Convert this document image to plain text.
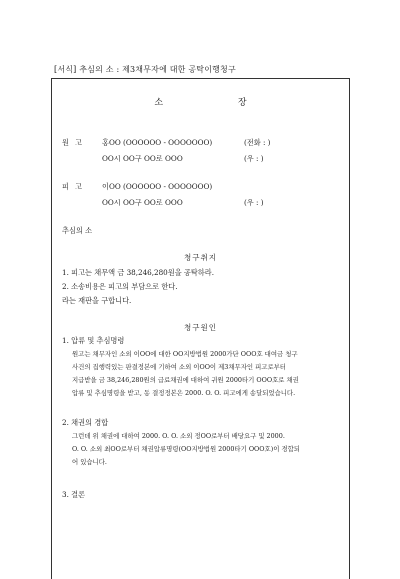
[서식] 추심의 소 : 제3채무자에 대한 공탁이행청구
소 장
원고 홍OO (OOOOOO - OOOOOOO)	(전화 : )
OO시 OO구 OO로 OOO	(우 : )
피고 이OO (OOOOOO - OOOOOOO)
OO시 OO구 OO로 OOO	(우 : )
추심의 소
청구취지
1. 피고는 채무액 금 38,246,280원을 공탁하라.
2. 소송비용은 피고의 부담으로 한다.
라는 재판을 구합니다.
청구원인
1. 압류 및 추심명령
원고는 채무자인 소외 이OO에 대한 OO지방법원 2000가단 OOO호 대여금 청구
사건의 집행력있는 판결정본에 기하여 소외 이OO이 제3채무자인 피고로부터
지급받을 금 38,246,280원의 급료채권에 대하여 귀원 2000타기 OOO호로 채권
압류 및 추심명령을 받고, 동 결정정본은 2000. O. O. 피고에게 송달되었습니다.
2. 채권의 경합
그런데 위 채권에 대하여 2000. O. O. 소외 정OO로부터 배당요구 및 2000.
O. O. 소외 최OO로부터 채권압류명령(OO지방법원 2000타기 OOO호)이 경합되
어 있습니다.
3. 결론
